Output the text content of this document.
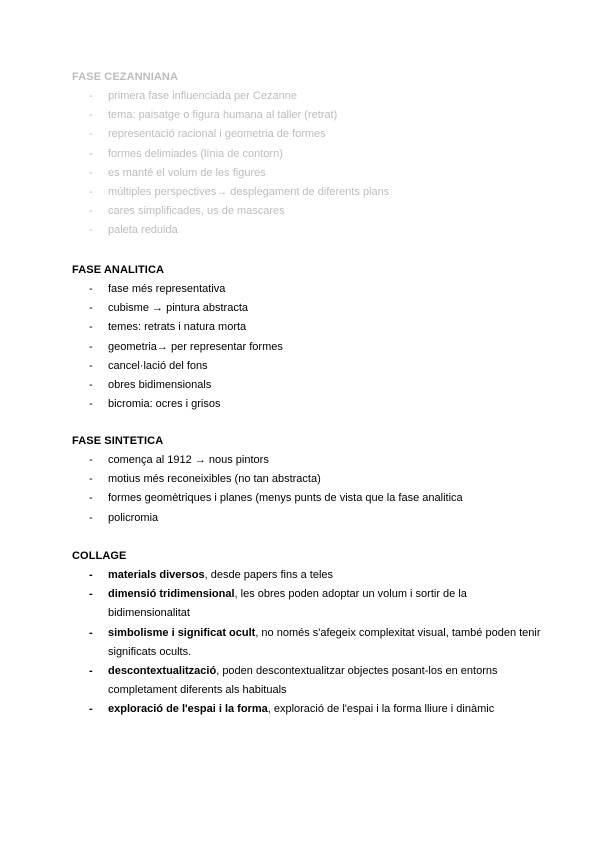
FASE CEZANNIANA
-	primera fase influenciada per Cezanne
-	tema: paisatge o figura humana al taller (retrat)
-	representació racional i geometria de formes
-	formes delimiades (línia de contorn)
-	es manté el volum de les figures
-	múltiples perspectives→ desplegament de diferents plans
-	cares simplificades, us de mascares
-	paleta reduida
FASE ANALITICA
-	fase més representativa
-	cubisme → pintura abstracta
-	temes: retrats i natura morta
-	geometria→ per representar formes
-	cancel·lació del fons
-	obres bidimensionals
-	bicromia: ocres i grisos
FASE SINTETICA
-	comença al 1912 → nous pintors
-	motius més reconeixibles (no tan abstracta)
-	formes geomètriques i planes (menys punts de vista que la fase analitica
-	policromia
COLLAGE
-	materials diversos, desde papers fins a teles
-	dimensió tridimensional, les obres poden adoptar un volum i sortir de la bidimensionalitat
-	simbolisme i significat ocult, no només s'afegeix complexitat visual, també poden tenir significats ocults.
-	descontextualització, poden descontextualitzar objectes posant-los en entorns completament diferents als habituals
-	exploració de l'espai i la forma, exploració de l'espai i la forma lliure i dinàmic
